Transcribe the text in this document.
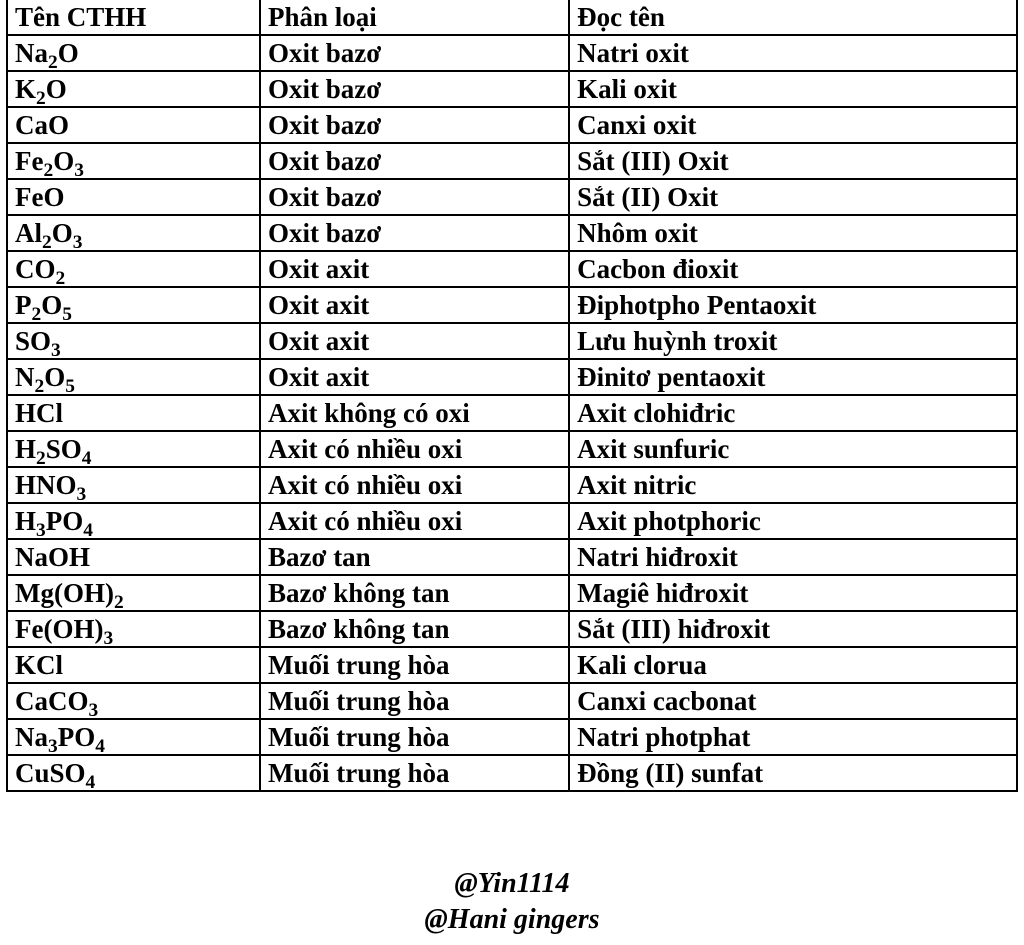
Tên CTHH	Phân loại	Đọc tên
$Na_2O$	Oxit bazơ	Natri oxit
$K_2O$	Oxit bazơ	Kali oxit
CaO	Oxit bazơ	Canxi oxit
$Fe_2O_3$	Oxit bazơ	Sắt (III) Oxit
FeO	Oxit bazơ	Sắt (II) Oxit
$Al_2O_3$	Oxit bazơ	Nhôm oxit
$CO_2$	Oxit axit	Cacbon đioxit
$P_2O_5$	Oxit axit	Điphotpho Pentaoxit
$SO_3$	Oxit axit	Lưu huỳnh troxit
$N_2O_5$	Oxit axit	Đinitơ pentaoxit
HCl	Axit không có oxi	Axit clohiđric
$H_2SO_4$	Axit có nhiều oxi	Axit sunfuric
$HNO_3$	Axit có nhiều oxi	Axit nitric
$H_3PO_4$	Axit có nhiều oxi	Axit photphoric
NaOH	Bazơ tan	Natri hiđroxit
$Mg(OH)_2$	Bazơ không tan	Magiê hiđroxit
$Fe(OH)_3$	Bazơ không tan	Sắt (III) hiđroxit
KCl	Muối trung hòa	Kali clorua
CaCO$_3$	Muối trung hòa	Canxi cacbonat
$Na_3PO_4$	Muối trung hòa	Natri photphat
CuSO$_4$	Muối trung hòa	Đồng (II) sunfat
@Yin1114
@Hani gingers
